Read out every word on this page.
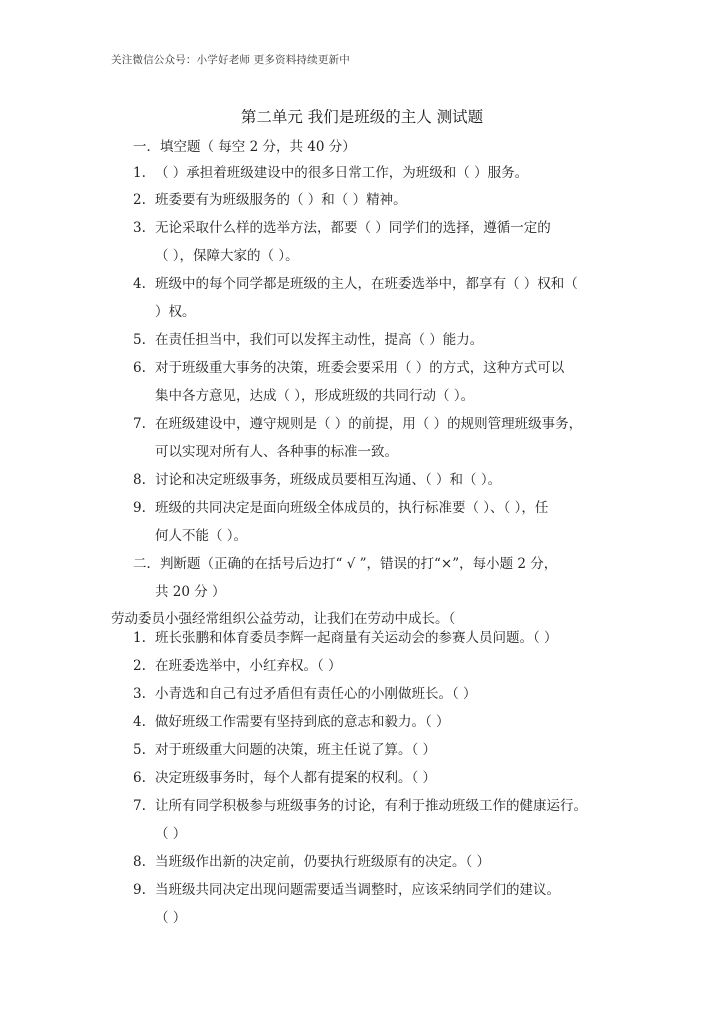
关注微信公众号：小学好老师 更多资料持续更新中
第二单元 我们是班级的主人 测试题
一．填空题（ 每空 2 分，共 40 分）
1. （ ）承担着班级建设中的很多日常工作，为班级和（ ）服务。
2. 班委要有为班级服务的（ ）和（ ）精神。
3. 无论采取什么样的选举方法，都要（ ）同学们的选择，遵循一定的
（ ），保障大家的（ ）。
4. 班级中的每个同学都是班级的主人，在班委选举中，都享有（ ）权和（
）权。
5. 在责任担当中，我们可以发挥主动性，提高（ ）能力。
6. 对于班级重大事务的决策，班委会要采用（ ）的方式，这种方式可以
集中各方意见，达成（ ），形成班级的共同行动（ ）。
7. 在班级建设中，遵守规则是（ ）的前提，用（ ）的规则管理班级事务，
可以实现对所有人、各种事的标准一致。
8. 讨论和决定班级事务，班级成员要相互沟通、（ ）和（ ）。
9. 班级的共同决定是面向班级全体成员的，执行标准要（ ）、（ ），任
何人不能（ ）。
二．判断题（正确的在括号后边打“ √ ”，错误的打“×”，每小题 2 分，
共 20 分 ）
劳动委员小强经常组织公益劳动，让我们在劳动中成长。（
1. 班长张鹏和体育委员李辉一起商量有关运动会的参赛人员问题。（ ）
2. 在班委选举中，小红弃权。（ ）
3. 小青选和自己有过矛盾但有责任心的小刚做班长。（ ）
4. 做好班级工作需要有坚持到底的意志和毅力。（ ）
5. 对于班级重大问题的决策，班主任说了算。（ ）
6. 决定班级事务时，每个人都有提案的权利。（ ）
7. 让所有同学积极参与班级事务的讨论，有利于推动班级工作的健康运行。
（ ）
8. 当班级作出新的决定前，仍要执行班级原有的决定。（ ）
9. 当班级共同决定出现问题需要适当调整时，应该采纳同学们的建议。
（ ）
